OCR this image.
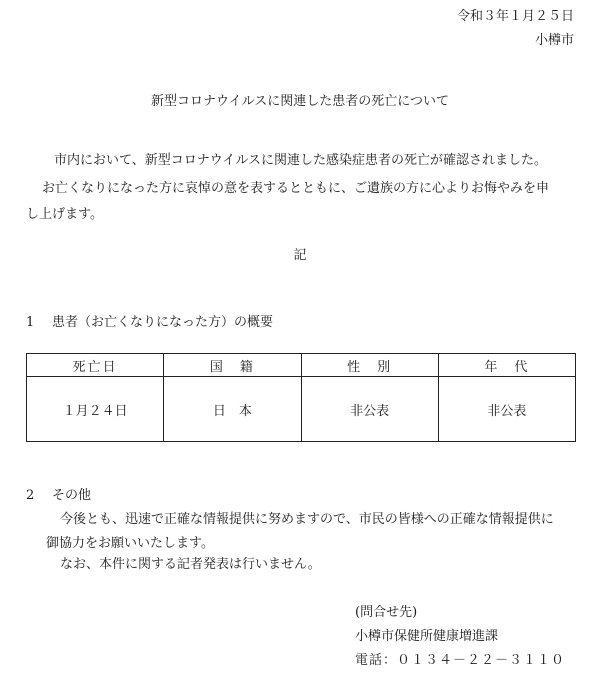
令和３年１月２５日
小樽市
新型コロナウイルスに関連した患者の死亡について
市内において、新型コロナウイルスに関連した感染症患者の死亡が確認されました。
お亡くなりになった方に哀悼の意を表するとともに、ご遺族の方に心よりお悔やみを申
し上げます。
記
1 患者（お亡くなりになった方）の概要
死亡日	国　籍	性　別	年　代
１月２４日	日　本	非公表	非公表
2 その他
今後とも、迅速で正確な情報提供に努めますので、市民の皆様への正確な情報提供に
御協力をお願いいたします。
なお、本件に関する記者発表は行いません。
(問合せ先)
小樽市保健所健康増進課
電話：０１３４－２２－３１１０
